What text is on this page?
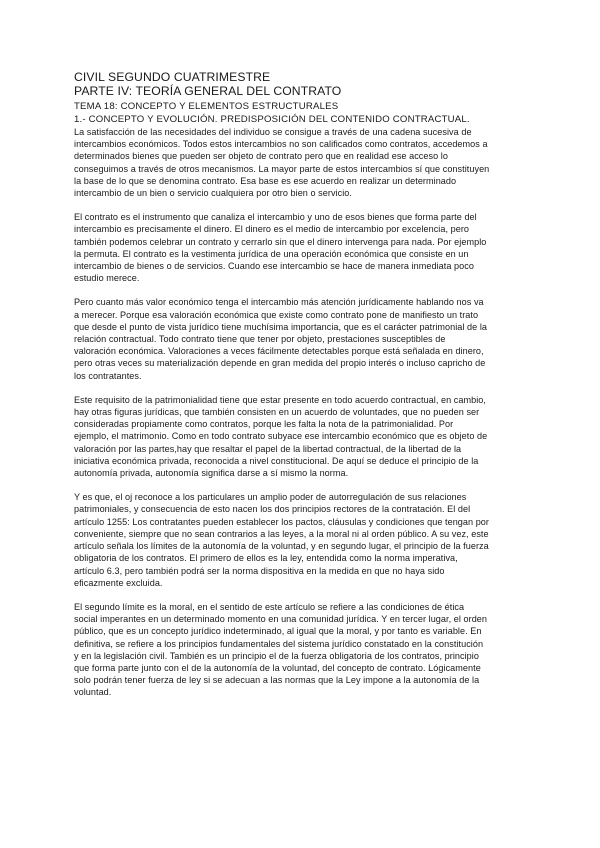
CIVIL SEGUNDO CUATRIMESTRE
PARTE IV: TEORÍA GENERAL DEL CONTRATO
TEMA 18: CONCEPTO Y ELEMENTOS ESTRUCTURALES
1.- CONCEPTO Y EVOLUCIÓN. PREDISPOSICIÓN DEL CONTENIDO CONTRACTUAL.
La satisfacción de las necesidades del individuo se consigue a través de una cadena sucesiva de
intercambios económicos. Todos estos intercambios no son calificados como contratos, accedemos a
determinados bienes que pueden ser objeto de contrato pero que en realidad ese acceso lo
conseguimos a través de otros mecanismos. La mayor parte de estos intercambios sí que constituyen
la base de lo que se denomina contrato. Esa base es ese acuerdo en realizar un determinado
intercambio de un bien o servicio cualquiera por otro bien o servicio.
El contrato es el instrumento que canaliza el intercambio y uno de esos bienes que forma parte del
intercambio es precisamente el dinero. El dinero es el medio de intercambio por excelencia, pero
también podemos celebrar un contrato y cerrarlo sin que el dinero intervenga para nada. Por ejemplo
la permuta. El contrato es la vestimenta jurídica de una operación económica que consiste en un
intercambio de bienes o de servicios. Cuando ese intercambio se hace de manera inmediata poco
estudio merece.
Pero cuanto más valor económico tenga el intercambio más atención jurídicamente hablando nos va
a merecer. Porque esa valoración económica que existe como contrato pone de manifiesto un trato
que desde el punto de vista jurídico tiene muchísima importancia, que es el carácter patrimonial de la
relación contractual. Todo contrato tiene que tener por objeto, prestaciones susceptibles de
valoración económica. Valoraciones a veces fácilmente detectables porque está señalada en dinero,
pero otras veces su materialización depende en gran medida del propio interés o incluso capricho de
los contratantes.
Este requisito de la patrimonialidad tiene que estar presente en todo acuerdo contractual, en cambio,
hay otras figuras jurídicas, que también consisten en un acuerdo de voluntades, que no pueden ser
consideradas propiamente como contratos, porque les falta la nota de la patrimonialidad. Por
ejemplo, el matrimonio. Como en todo contrato subyace ese intercambio económico que es objeto de
valoración por las partes,hay que resaltar el papel de la libertad contractual, de la libertad de la
iniciativa económica privada, reconocida a nivel constitucional. De aquí se deduce el principio de la
autonomía privada, autonomía significa darse a sí mismo la norma.
Y es que, el oj reconoce a los particulares un amplio poder de autorregulación de sus relaciones
patrimoniales, y consecuencia de esto nacen los dos principios rectores de la contratación. El del
artículo 1255: Los contratantes pueden establecer los pactos, cláusulas y condiciones que tengan por
conveniente, siempre que no sean contrarios a las leyes, a la moral ni al orden público. A su vez, este
artículo señala los límites de la autonomía de la voluntad, y en segundo lugar, el principio de la fuerza
obligatoria de los contratos. El primero de ellos es la ley, entendida como la norma imperativa,
artículo 6.3, pero también podrá ser la norma dispositiva en la medida en que no haya sido
eficazmente excluida.
El segundo límite es la moral, en el sentido de este artículo se refiere a las condiciones de ética
social imperantes en un determinado momento en una comunidad jurídica. Y en tercer lugar, el orden
público, que es un concepto jurídico indeterminado, al igual que la moral, y por tanto es variable. En
definitiva, se refiere a los principios fundamentales del sistema jurídico constatado en la constitución
y en la legislación civil. También es un principio el de la fuerza obligatoria de los contratos, principio
que forma parte junto con el de la autonomía de la voluntad, del concepto de contrato. Lógicamente
solo podrán tener fuerza de ley si se adecuan a las normas que la Ley impone a la autonomía de la
voluntad.
